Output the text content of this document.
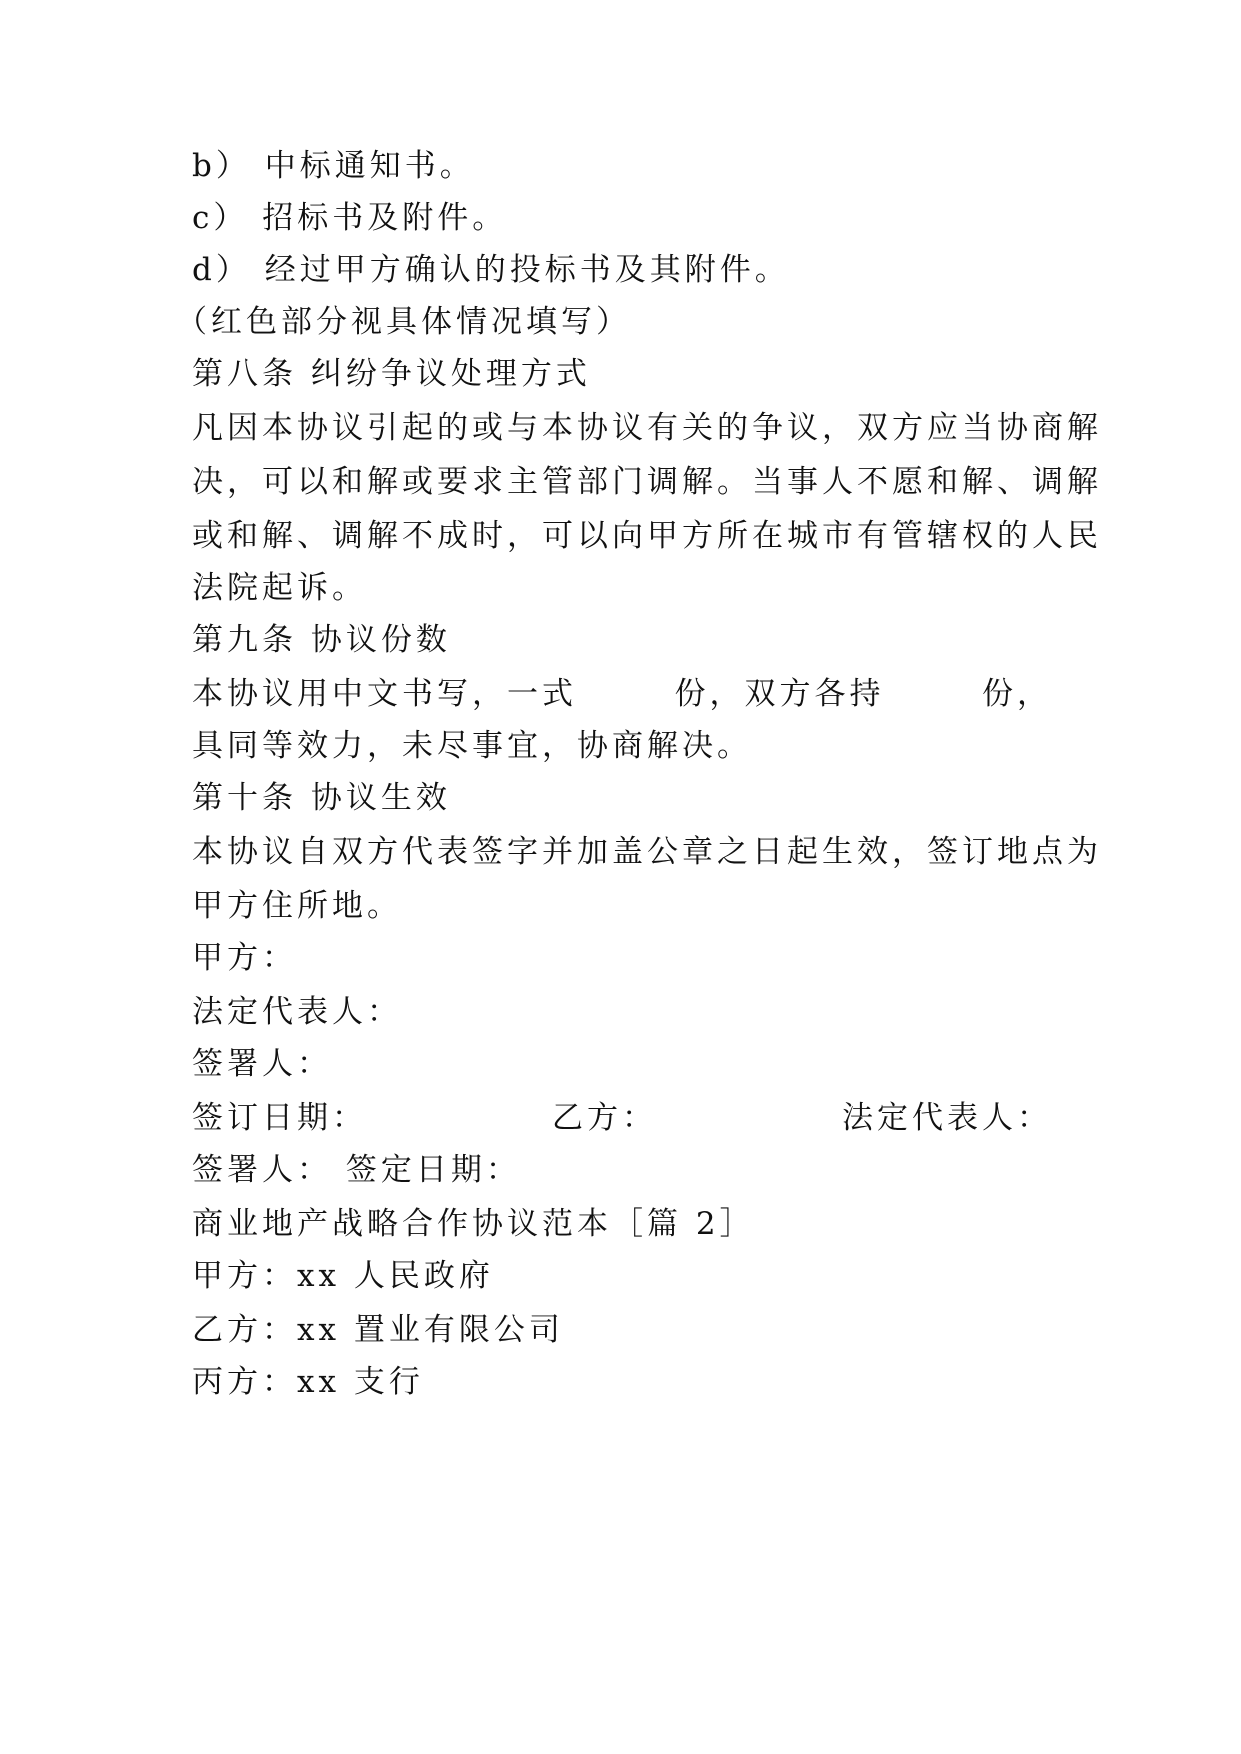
b） 中标通知书。
c） 招标书及附件。
d） 经过甲方确认的投标书及其附件。
（红色部分视具体情况填写）
第八条 纠纷争议处理方式
凡因本协议引起的或与本协议有关的争议，双方应当协商解
决，可以和解或要求主管部门调解。当事人不愿和解、调解
或和解、调解不成时，可以向甲方所在城市有管辖权的人民
法院起诉。
第九条 协议份数
本协议用中文书写，一式	份，双方各持	份，
具同等效力，未尽事宜，协商解决。
第十条 协议生效
本协议自双方代表签字并加盖公章之日起生效，签订地点为
甲方住所地。
甲方：
法定代表人：
签署人：
签订日期：	乙方：	法定代表人：
签署人： 签定日期：
商业地产战略合作协议范本［篇 2］
甲方：xx 人民政府
乙方：xx 置业有限公司
丙方：xx 支行
